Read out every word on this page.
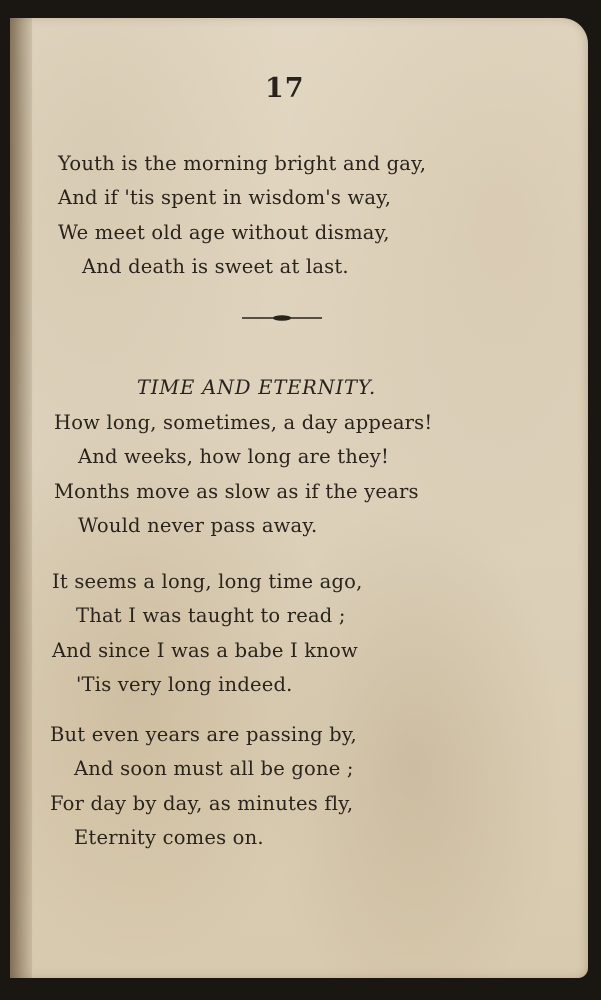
17
Youth is the morning bright and gay,
And if 'tis spent in wisdom's way,
We meet old age without dismay,
And death is sweet at last.
TIME AND ETERNITY.
How long, sometimes, a day appears!
And weeks, how long are they!
Months move as slow as if the years
Would never pass away.
It seems a long, long time ago,
That I was taught to read ;
And since I was a babe I know
'Tis very long indeed.
But even years are passing by,
And soon must all be gone ;
For day by day, as minutes fly,
Eternity comes on.
